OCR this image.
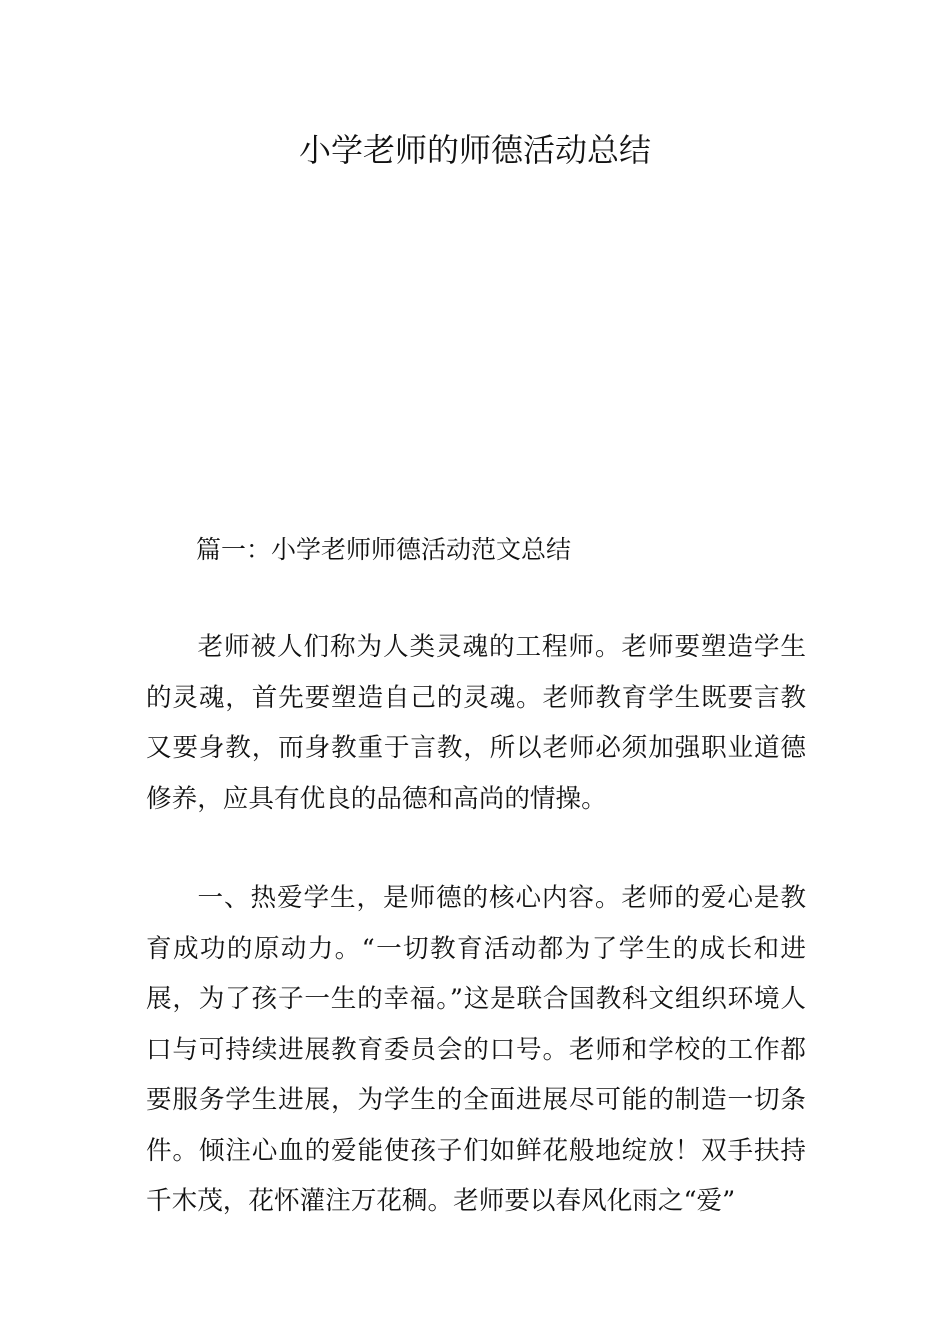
小学老师的师德活动总结
篇一：小学老师师德活动范文总结

老师被人们称为人类灵魂的工程师。老师要塑造学生的灵魂，首先要塑造自己的灵魂。老师教育学生既要言教又要身教，而身教重于言教，所以老师必须加强职业道德修养，应具有优良的品德和高尚的情操。

一、热爱学生，是师德的核心内容。老师的爱心是教育成功的原动力。“一切教育活动都为了学生的成长和进展，为了孩子一生的幸福。”这是联合国教科文组织环境人口与可持续进展教育委员会的口号。老师和学校的工作都要服务学生进展，为学生的全面进展尽可能的制造一切条件。倾注心血的爱能使孩子们如鲜花般地绽放！双手扶持千木茂，花怀灌注万花稠。老师要以春风化雨之“爱”
